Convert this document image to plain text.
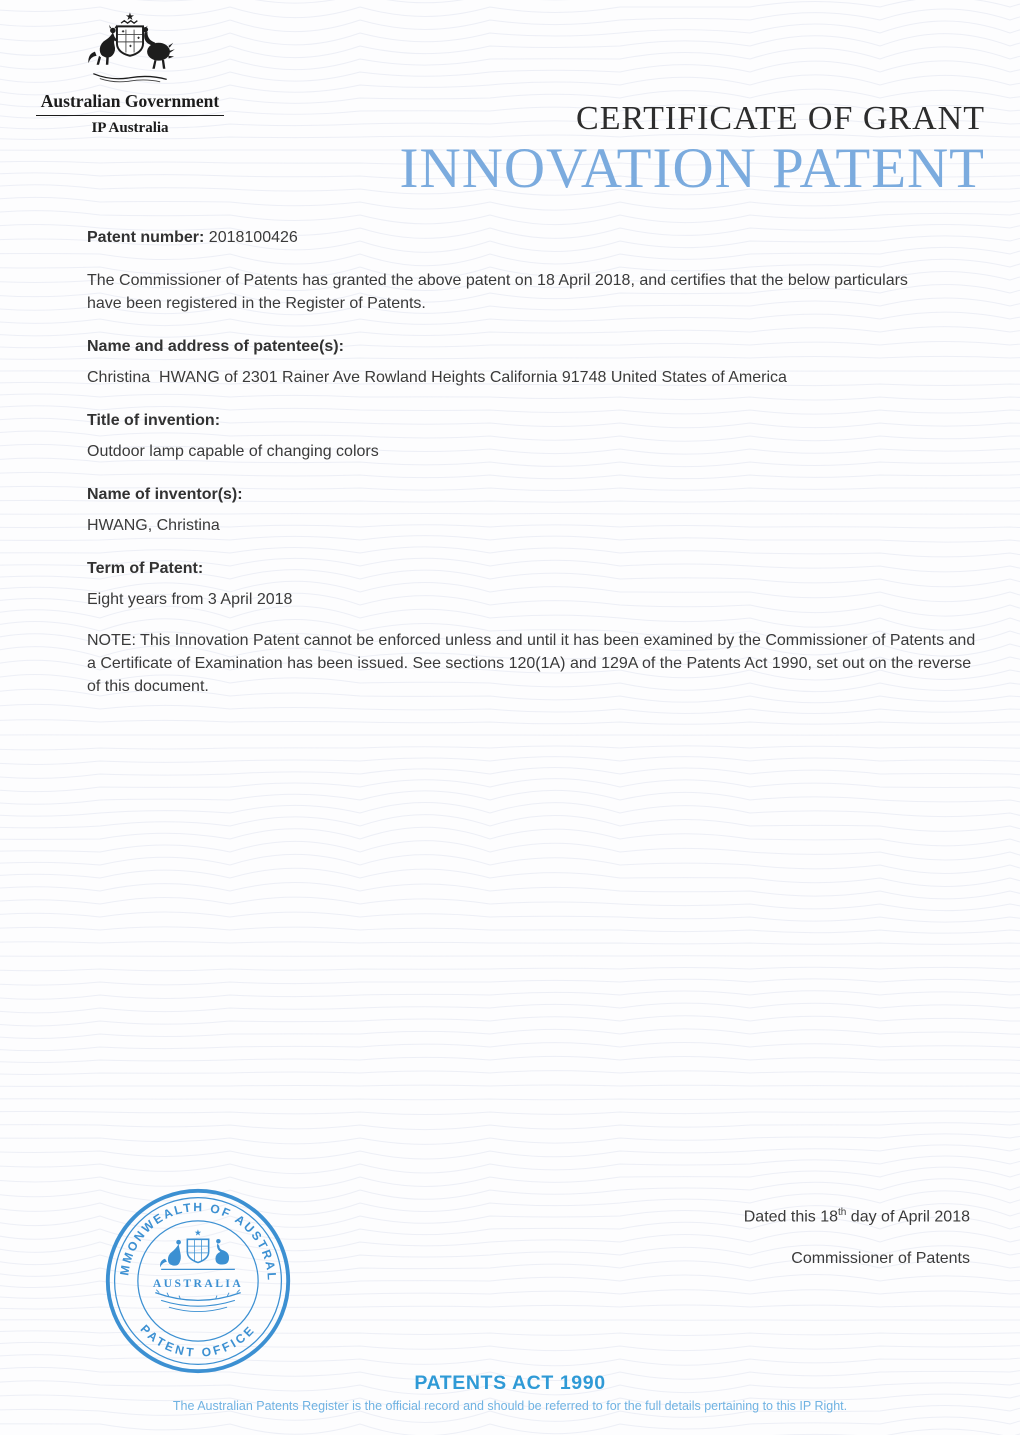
★
Australian Government
IP Australia	CERTIFICATE OF GRANT
INNOVATION PATENT
Patent number: 2018100426

The Commissioner of Patents has granted the above patent on 18 April 2018, and certifies that the below particulars have been registered in the Register of Patents.

Name and address of patentee(s):
Christina  HWANG of 2301 Rainer Ave Rowland Heights California 91748 United States of America
Title of invention:
Outdoor lamp capable of changing colors
Name of inventor(s):
HWANG, Christina
Term of Patent:
Eight years from 3 April 2018

NOTE: This Innovation Patent cannot be enforced unless and until it has been examined by the Commissioner of Patents and a Certificate of Examination has been issued. See sections 120(1A) and 129A of the Patents Act 1990, set out on the reverse of this document.

MMONWEALTH OF AUSTRAL
PATENT OFFICE
★
AUSTRALIA
Dated this 18th day of April 2018
Commissioner of Patents
PATENTS ACT 1990
The Australian Patents Register is the official record and should be referred to for the full details pertaining to this IP Right.
